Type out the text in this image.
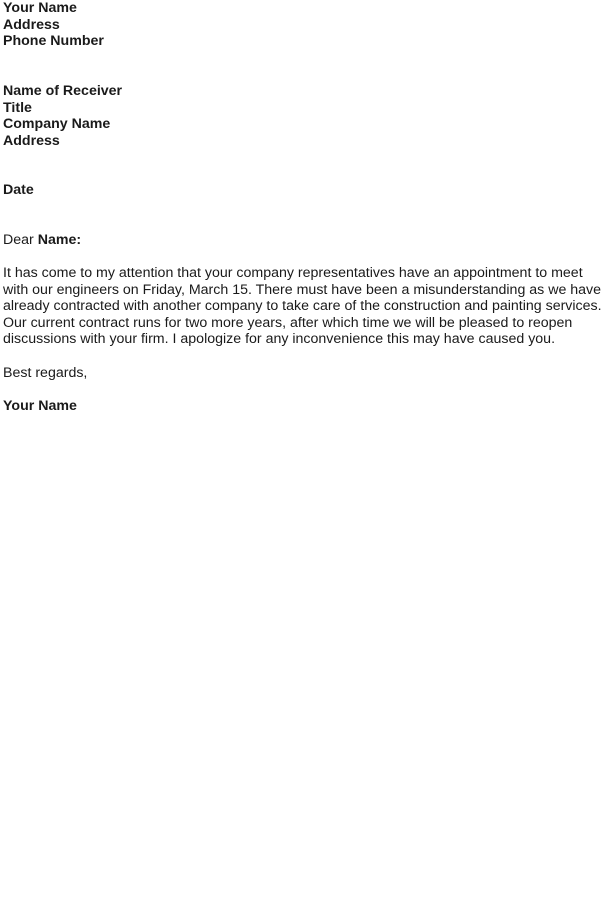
Your Name
Address
Phone Number
Name of Receiver
Title
Company Name
Address
Date
Dear Name:
It has come to my attention that your company representatives have an appointment to meet
with our engineers on Friday, March 15. There must have been a misunderstanding as we have
already contracted with another company to take care of the construction and painting services.
Our current contract runs for two more years, after which time we will be pleased to reopen
discussions with your firm. I apologize for any inconvenience this may have caused you.
Best regards,
Your Name
